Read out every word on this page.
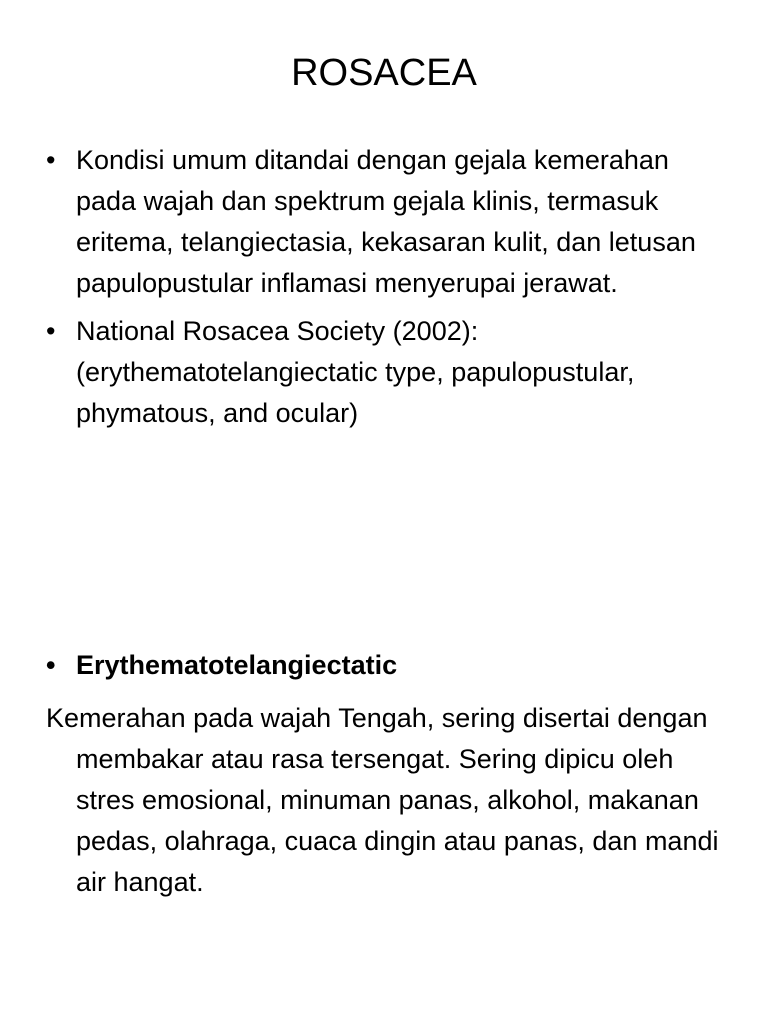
ROSACEA
• Kondisi umum ditandai dengan gejala kemerahan pada wajah dan spektrum gejala klinis, termasuk eritema, telangiectasia, kekasaran kulit, dan letusan papulopustular inflamasi menyerupai jerawat.
• National Rosacea Society (2002): (erythematotelangiectatic type, papulopustular, phymatous, and ocular)
• Erythematotelangiectatic

Kemerahan pada wajah Tengah, sering disertai dengan membakar atau rasa tersengat. Sering dipicu oleh stres emosional, minuman panas, alkohol, makanan pedas, olahraga, cuaca dingin atau panas, dan mandi air hangat.
